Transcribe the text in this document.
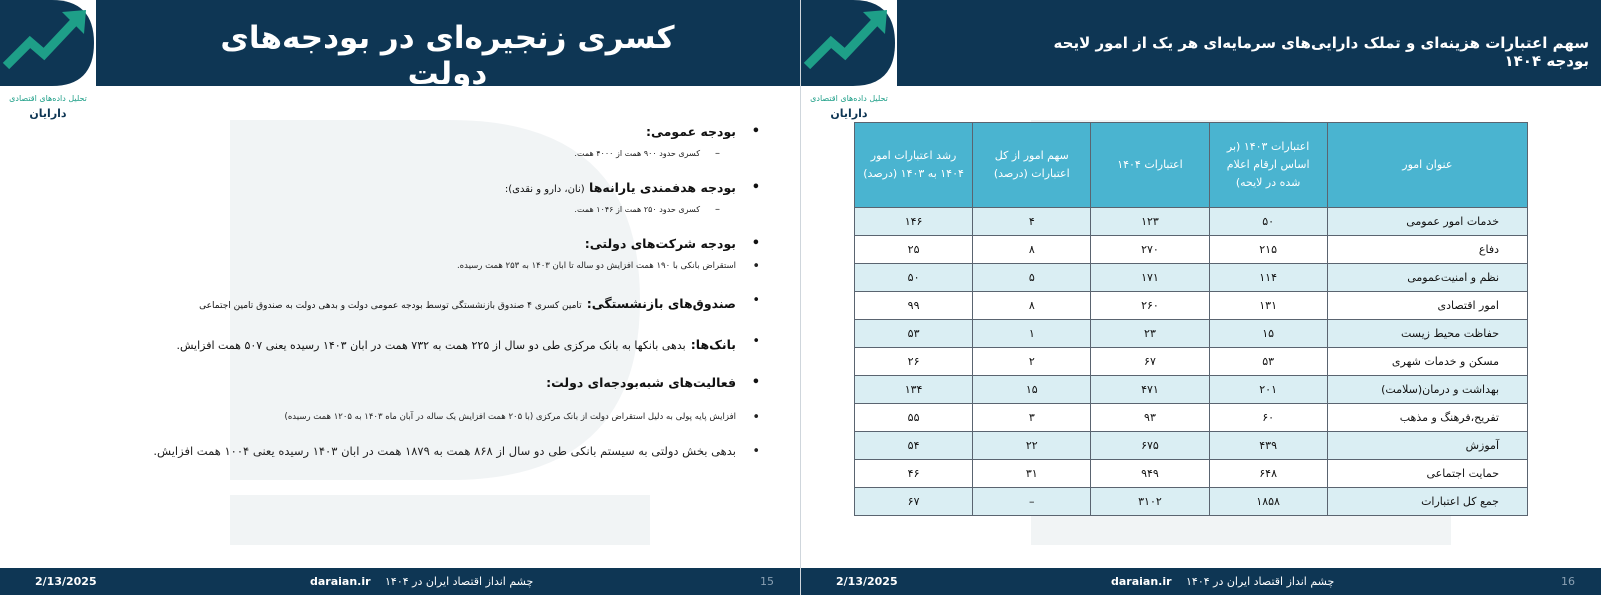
کسری زنجیره‌ای در بودجه‌های دولت
تحلیل داده‌های اقتصادی
دارایان
• بودجه عمومی:
– کسری حدود ۹۰۰ همت از ۴۰۰۰ همت.
• بودجه هدفمندی یارانه‌ها (نان، دارو و نقدی):
– کسری حدود ۲۵۰ همت از ۱۰۴۶ همت.
• بودجه شرکت‌های دولتی:
• استقراض بانکی با ۱۹۰ همت افزایش دو ساله تا ابان ۱۴۰۳ به ۲۵۳ همت رسیده.
• صندوق‌های بازنشستگی: تامین کسری ۴ صندوق بازنشستگی توسط بودجه عمومی دولت و بدهی دولت به صندوق تامین اجتماعی
• بانک‌ها: بدهی بانکها به بانک مرکزی طی دو سال از ۲۲۵ همت به ۷۳۲ همت در ابان ۱۴۰۳ رسیده یعنی ۵۰۷ همت افزایش.
• فعالیت‌های شبه‌بودجه‌ای دولت:
• افزایش پایه پولی به دلیل استقراض دولت از بانک مرکزی (با ۲۰۵ همت افزایش یک ساله در آبان ماه ۱۴۰۳ به ۱۲۰۵ همت رسیده)
• بدهی بخش دولتی به سیستم بانکی طی دو سال از ۸۶۸ همت به ۱۸۷۹ همت در ابان ۱۴۰۳ رسیده یعنی ۱۰۰۴ همت افزایش.
2/13/2025	daraian.ir چشم انداز اقتصاد ایران در ۱۴۰۴	15
سهم اعتبارات هزینه‌ای و تملک دارایی‌های سرمایه‌ای هر یک از امور لایحه بودجه ۱۴۰۴
تحلیل داده‌های اقتصادی
دارایان
عنوان امور	اعتبارات ۱۴۰۳ (بر اساس ارقام اعلام شده در لایحه)	اعتبارات ۱۴۰۴	سهم امور از کل اعتبارات (درصد)	رشد اعتبارات امور ۱۴۰۴ به ۱۴۰۳ (درصد)
خدمات امور عمومی	۵۰	۱۲۳	۴	۱۴۶
دفاع	۲۱۵	۲۷۰	۸	۲۵
نظم و امنیت‌عمومی	۱۱۴	۱۷۱	۵	۵۰
امور اقتصادی	۱۳۱	۲۶۰	۸	۹۹
حفاظت محیط زیست	۱۵	۲۳	۱	۵۳
مسکن و خدمات شهری	۵۳	۶۷	۲	۲۶
بهداشت و درمان(سلامت)	۲۰۱	۴۷۱	۱۵	۱۳۴
تفریح،فرهنگ و مذهب	۶۰	۹۳	۳	۵۵
آموزش	۴۳۹	۶۷۵	۲۲	۵۴
حمایت اجتماعی	۶۴۸	۹۴۹	۳۱	۴۶
جمع کل اعتبارات	۱۸۵۸	۳۱۰۲	–	۶۷
2/13/2025	daraian.ir چشم انداز اقتصاد ایران در ۱۴۰۴	16
